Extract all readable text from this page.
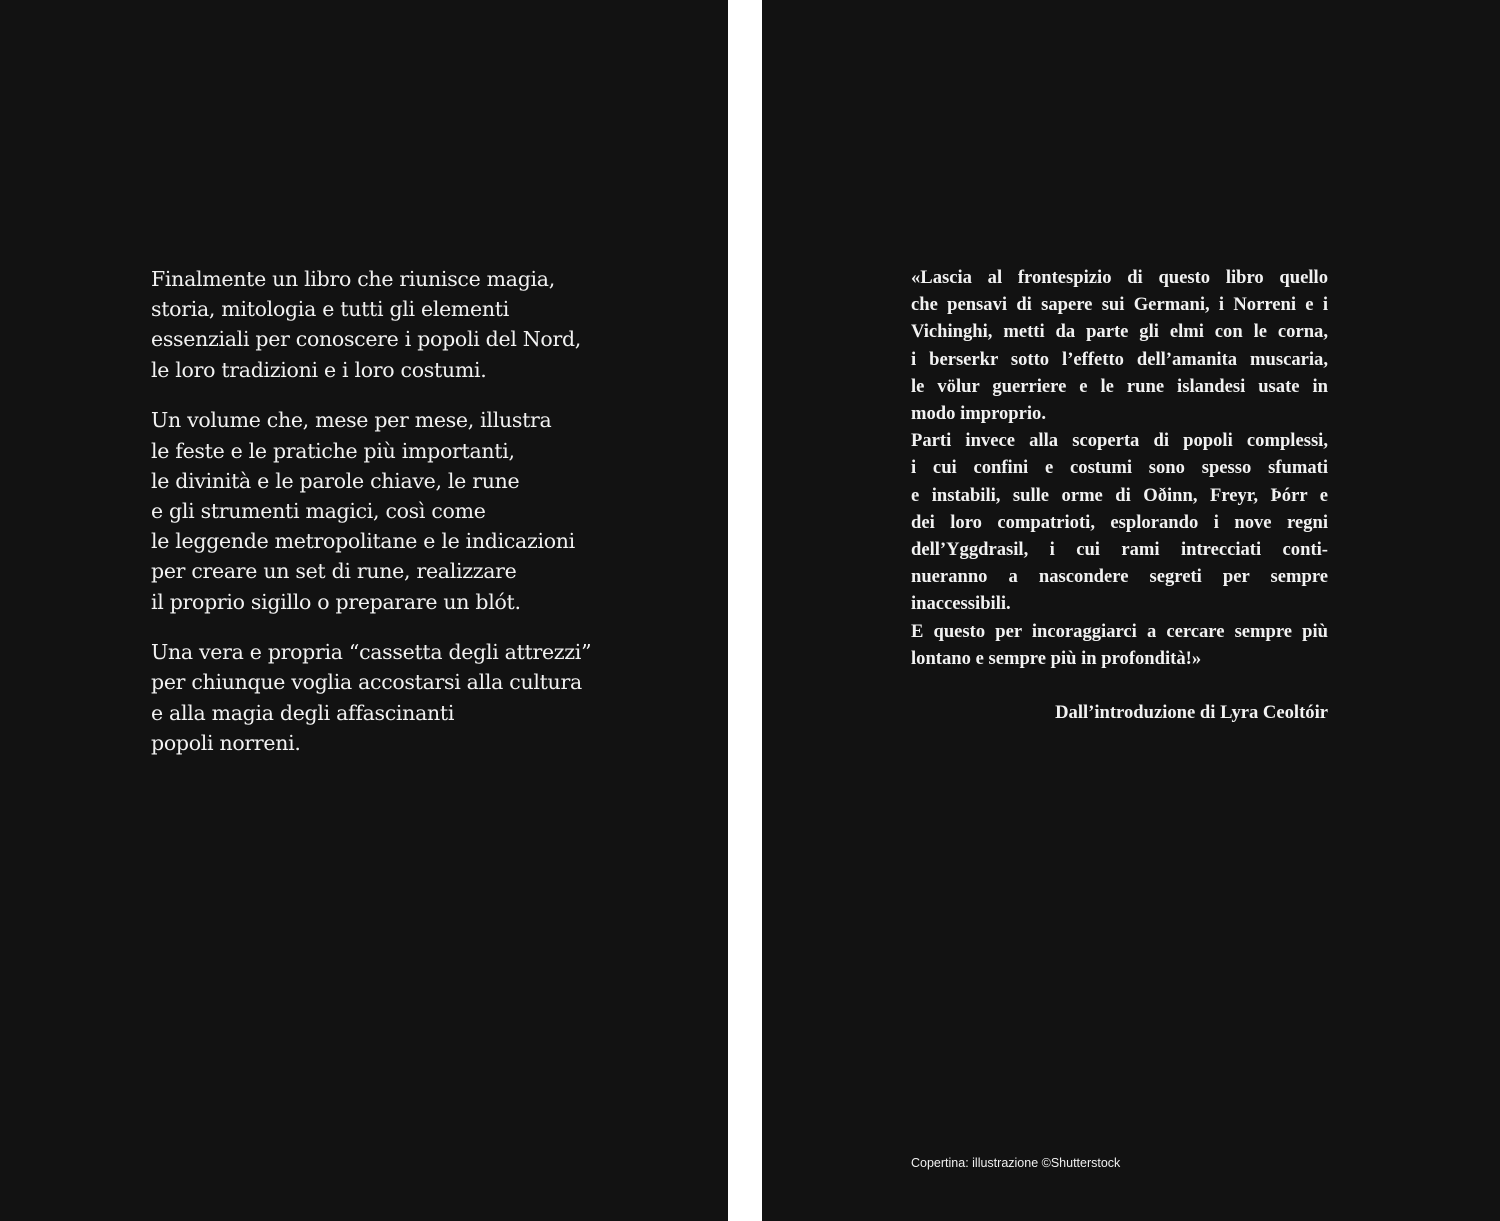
Finalmente un libro che riunisce magia,
storia, mitologia e tutti gli elementi
essenziali per conoscere i popoli del Nord,
le loro tradizioni e i loro costumi.

Un volume che, mese per mese, illustra
le feste e le pratiche più importanti,
le divinità e le parole chiave, le rune
e gli strumenti magici, così come
le leggende metropolitane e le indicazioni
per creare un set di rune, realizzare
il proprio sigillo o preparare un blót.

Una vera e propria “cassetta degli attrezzi”
per chiunque voglia accostarsi alla cultura
e alla magia degli affascinanti
popoli norreni.

«Lascia al frontespizio di questo libro quello
che pensavi di sapere sui Germani, i Norreni e i
Vichinghi, metti da parte gli elmi con le corna,
i berserkr sotto l’effetto dell’amanita muscaria,
le völur guerriere e le rune islandesi usate in
modo improprio.
Parti invece alla scoperta di popoli complessi,
i cui confini e costumi sono spesso sfumati
e instabili, sulle orme di Oðinn, Freyr, Þórr e
dei loro compatrioti, esplorando i nove regni
dell’Yggdrasil, i cui rami intrecciati conti-
nueranno a nascondere segreti per sempre
inaccessibili.
E questo per incoraggiarci a cercare sempre più
lontano e sempre più in profondità!»
Dall’introduzione di Lyra Ceoltóir
Copertina: illustrazione ©Shutterstock
